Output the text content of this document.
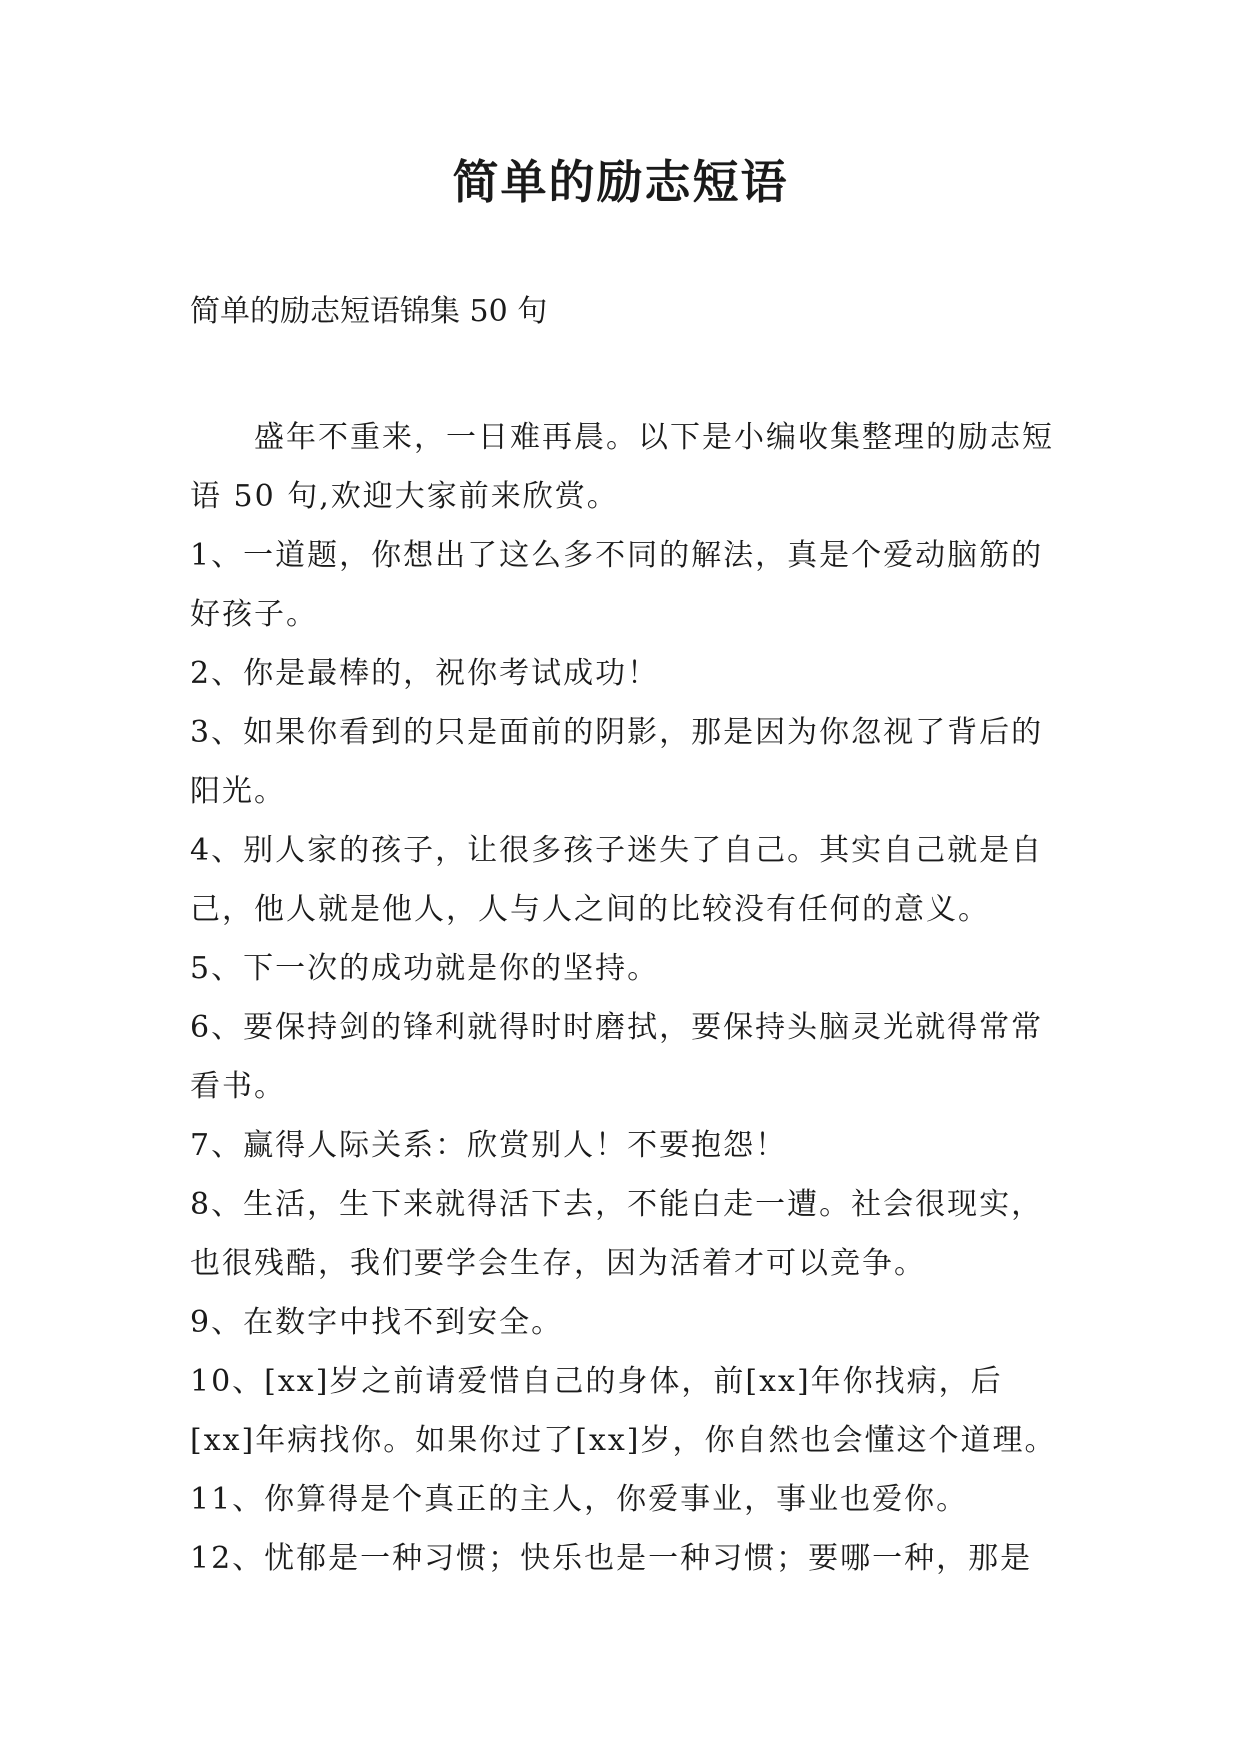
简单的励志短语

简单的励志短语锦集 50 句

盛年不重来，一日难再晨。以下是小编收集整理的励志短语 50 句,欢迎大家前来欣赏。

1、一道题，你想出了这么多不同的解法，真是个爱动脑筋的好孩子。

2、你是最棒的，祝你考试成功！

3、如果你看到的只是面前的阴影，那是因为你忽视了背后的阳光。

4、别人家的孩子，让很多孩子迷失了自己。其实自己就是自己，他人就是他人，人与人之间的比较没有任何的意义。

5、下一次的成功就是你的坚持。

6、要保持剑的锋利就得时时磨拭，要保持头脑灵光就得常常看书。

7、赢得人际关系：欣赏别人！不要抱怨！

8、生活，生下来就得活下去，不能白走一遭。社会很现实，也很残酷，我们要学会生存，因为活着才可以竞争。

9、在数字中找不到安全。

10、[xx]岁之前请爱惜自己的身体，前[xx]年你找病，后[xx]年病找你。如果你过了[xx]岁，你自然也会懂这个道理。

11、你算得是个真正的主人，你爱事业，事业也爱你。

12、忧郁是一种习惯；快乐也是一种习惯；要哪一种，那是
